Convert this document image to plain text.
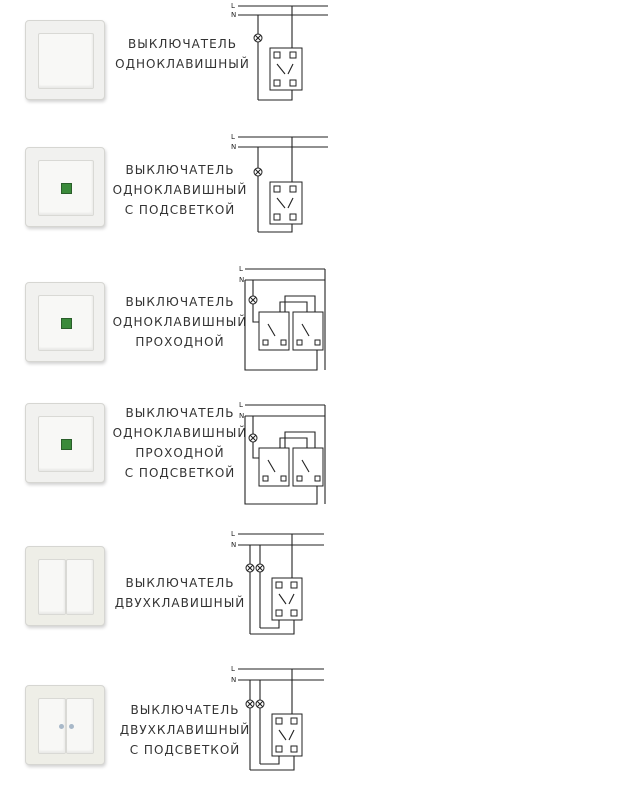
ВЫКЛЮЧАТЕЛЬ
ОДНОКЛАВИШНЫЙ
L
N
ВЫКЛЮЧАТЕЛЬ
ОДНОКЛАВИШНЫЙ
С ПОДСВЕТКОЙ
L
N
ВЫКЛЮЧАТЕЛЬ
ОДНОКЛАВИШНЫЙ
ПРОХОДНОЙ
L
N
ВЫКЛЮЧАТЕЛЬ
ОДНОКЛАВИШНЫЙ
ПРОХОДНОЙ
С ПОДСВЕТКОЙ
L
N
ВЫКЛЮЧАТЕЛЬ
ДВУХКЛАВИШНЫЙ
L
N
ВЫКЛЮЧАТЕЛЬ
ДВУХКЛАВИШНЫЙ
С ПОДСВЕТКОЙ
L
N
